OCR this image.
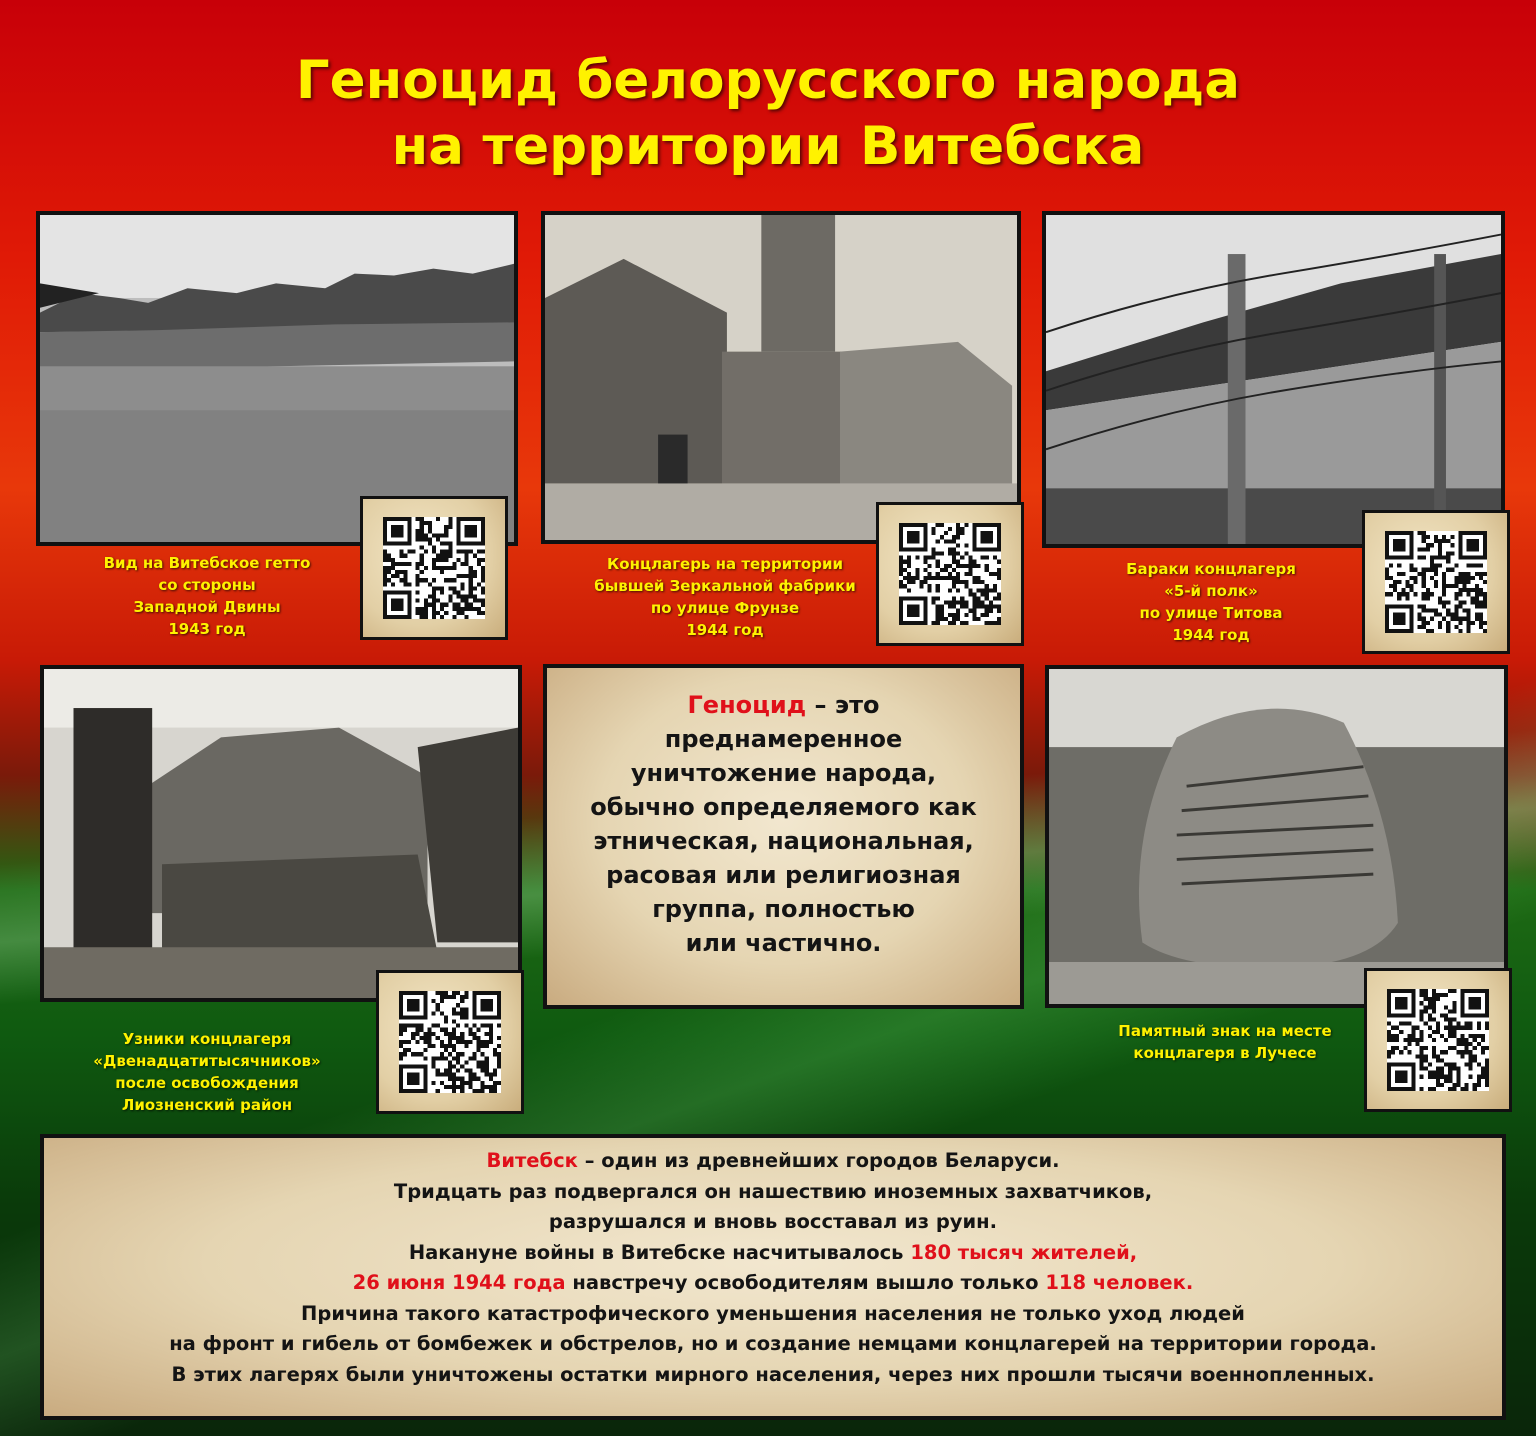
Геноцид белорусского народа
на территории Витебска
Вид на Витебское гетто
со стороны
Западной Двины
1943 год
Концлагерь на территории
бывшей Зеркальной фабрики
по улице Фрунзе
1944 год
Бараки концлагеря
«5-й полк»
по улице Титова
1944 год
Узники концлагеря
«Двенадцатитысячников»
после освобождения
Лиозненский район
Геноцид – это
преднамеренное
уничтожение народа,
обычно определяемого как
этническая, национальная,
расовая или религиозная
группа, полностью
или частично.
Памятный знак на месте
концлагеря в Лучесе
Витебск – один из древнейших городов Беларуси.
Тридцать раз подвергался он нашествию иноземных захватчиков,
разрушался и вновь восставал из руин.
Накануне войны в Витебске насчитывалось 180 тысяч жителей,
26 июня 1944 года навстречу освободителям вышло только 118 человек.
Причина такого катастрофического уменьшения населения не только уход людей
на фронт и гибель от бомбежек и обстрелов, но и создание немцами концлагерей на территории города.
В этих лагерях были уничтожены остатки мирного населения, через них прошли тысячи военнопленных.
